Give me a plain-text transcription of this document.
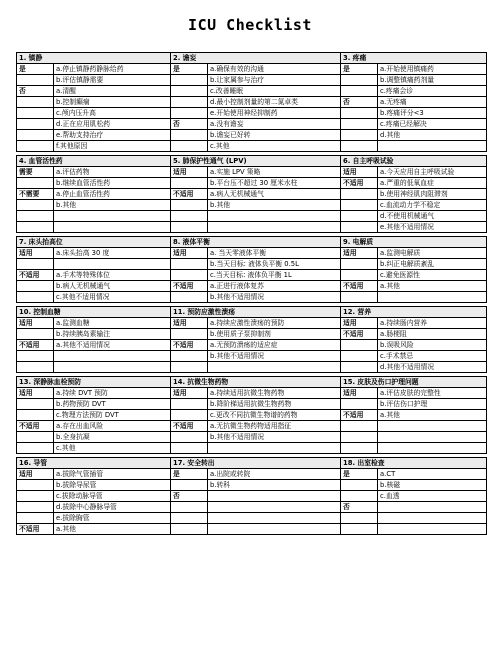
ICU Checklist
1. 镇静		2. 谵妄		3. 疼痛	
是	a.停止镇静药静脉给药	是	a.确保有效的沟通	是	a.开始使用镇痛药
	b.评估镇静需要		b.让家属参与治疗		b.调整镇痛药剂量
否	a.清醒		c.改善睡眠		c.疼痛会诊
	b.控制癫痫		d.最小控制剂量的第二氮卓类	否	a.无疼痛
	c.颅内压升高		e.开始使用神经抑制药		b.疼痛评分<3
	d.正在应用肌松药	否	a.没有谵妄		c.疼痛已经解决
	e.帮助支持治疗		b.谵妄已好转		d.其他
	f.其他原因		c.其他		

4. 血管活性药		5. 肺保护性通气 (LPV)		6. 自主呼吸试验	
需要	a.评估药物	适用	a.实施 LPV 策略	适用	a.今天应用自主呼吸试验
	b.继续血管活性药		b.平台压不超过 30 厘米水柱	不适用	a.严重的低氧血症
不需要	a.停止血管活性药	不适用	a.病人无机械通气		b.使用神经肌肉阻滞剂
	b.其他		b.其他		c.血流动力学不稳定
					d.不使用机械通气
					e.其他不适用情况

7. 床头抬高位		8. 液体平衡		9. 电解质	
适用	a.床头抬高 30 度	适用	a. 当天零液体平衡	适用	a.监测电解质
			b.当天目标: 液体负平衡 0.5L		b.纠正电解质紊乱
不适用	a.手术等特殊体位		c.当天目标: 液体负平衡 1L		c.避免医源性
	b.病人无机械通气	不适用	a.正进行液体复苏	不适用	a.其他
	c.其他不适用情况		b.其他不适用情况		

10. 控制血糖		11. 预防应激性溃疡		12. 营养	
适用	a.监测血糖	适用	a.持续应激性溃疡的预防	适用	a.持续肠内营养
	b.持续胰岛素输注		b.使用质子泵抑制剂	不适用	a.肠梗阻
不适用	a.其他不适用情况	不适用	a.无预防溃疡的适应症		b.误吸风险
			b.其他不适用情况		c.手术禁忌
					d.其他不适用情况

13. 深静脉血栓预防		14. 抗微生物药物		15. 皮肤及伤口护理问题	
适用	a.持续 DVT 预防	适用	a.持续适用抗微生物药物	适用	a.评估皮肤的完整性
	b.药物预防 DVT		b.降阶梯适用抗微生物药物		b.评估伤口护理
	c.物理方法预防 DVT		c.更改不同抗微生物谱的药物	不适用	a.其他
不适用	a.存在出血风险	不适用	a.无抗微生物药物适用指征		
	b.全身抗凝		b.其他不适用情况		
	c.其他				

16. 导管		17. 安全转出		18. 出室检查	
适用	a.拔除气管插管	是	a.出院或转院	是	a.CT
	b.拔除导尿管		b.转科		b.核磁
	c.拔除动脉导管	否			c.血透
	d.拔除中心静脉导管			否	
	e.拔除胸管				
不适用	a.其他				
